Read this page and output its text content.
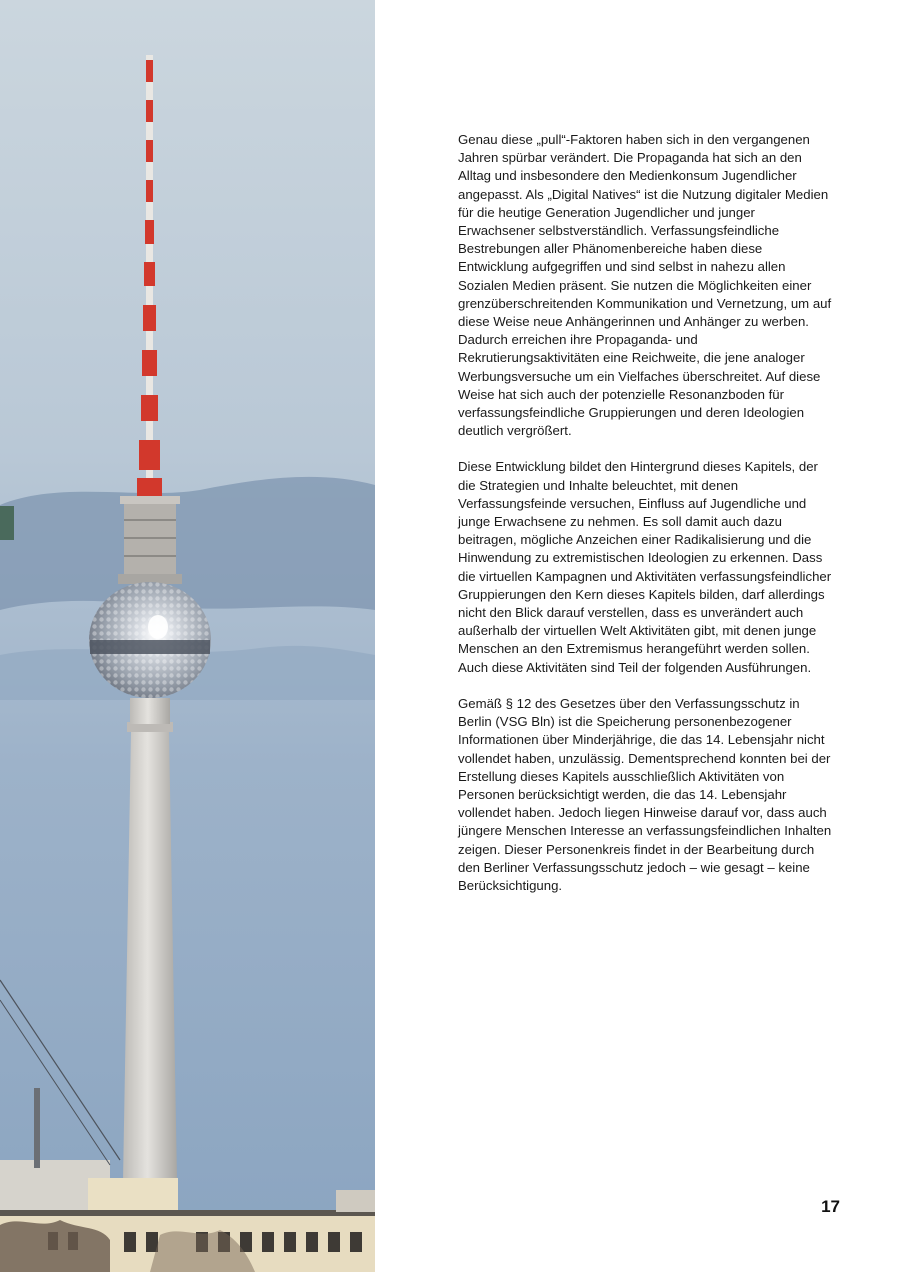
Genau diese „pull“-Faktoren haben sich in den vergangenen Jahren spürbar verändert. Die Propaganda hat sich an den Alltag und insbesondere den Medienkonsum Jugendlicher angepasst. Als „Digital Natives“ ist die Nutzung digitaler Medien für die heutige Generation Jugendlicher und junger Erwachsener selbstverständlich. Verfassungsfeindliche Bestrebungen aller Phänomenbereiche haben diese Entwicklung aufgegriffen und sind selbst in nahezu allen Sozialen Medien präsent. Sie nutzen die Möglichkeiten einer grenzüberschreitenden Kommunikation und Vernetzung, um auf diese Weise neue Anhängerinnen und Anhänger zu werben. Dadurch erreichen ihre Propaganda- und Rekrutierungsaktivitäten eine Reichweite, die jene analoger Werbungsversuche um ein Vielfaches überschreitet. Auf diese Weise hat sich auch der potenzielle Resonanzboden für verfassungsfeindliche Gruppierungen und deren Ideologien deutlich vergrößert.

Diese Entwicklung bildet den Hintergrund dieses Kapitels, der die Strategien und Inhalte beleuchtet, mit denen Verfassungsfeinde versuchen, Einfluss auf Jugendliche und junge Erwachsene zu nehmen. Es soll damit auch dazu beitragen, mögliche Anzeichen einer Radikalisierung und die Hinwendung zu extremistischen Ideologien zu erkennen. Dass die virtuellen Kampagnen und Aktivitäten verfassungsfeindlicher Gruppierungen den Kern dieses Kapitels bilden, darf allerdings nicht den Blick darauf verstellen, dass es unverändert auch außerhalb der virtuellen Welt Aktivitäten gibt, mit denen junge Menschen an den Extremismus herangeführt werden sollen. Auch diese Aktivitäten sind Teil der folgenden Ausführungen.

Gemäß § 12 des Gesetzes über den Verfassungsschutz in Berlin (VSG Bln) ist die Speicherung personenbezogener Informationen über Minderjährige, die das 14. Lebensjahr nicht vollendet haben, unzulässig. Dementsprechend konnten bei der Erstellung dieses Kapitels ausschließlich Aktivitäten von Personen berücksichtigt werden, die das 14. Lebensjahr vollendet haben. Jedoch liegen Hinweise darauf vor, dass auch jüngere Menschen Interesse an verfassungsfeindlichen Inhalten zeigen. Dieser Personenkreis findet in der Bearbeitung durch den Berliner Verfassungsschutz jedoch – wie gesagt – keine Berücksichtigung.

17
